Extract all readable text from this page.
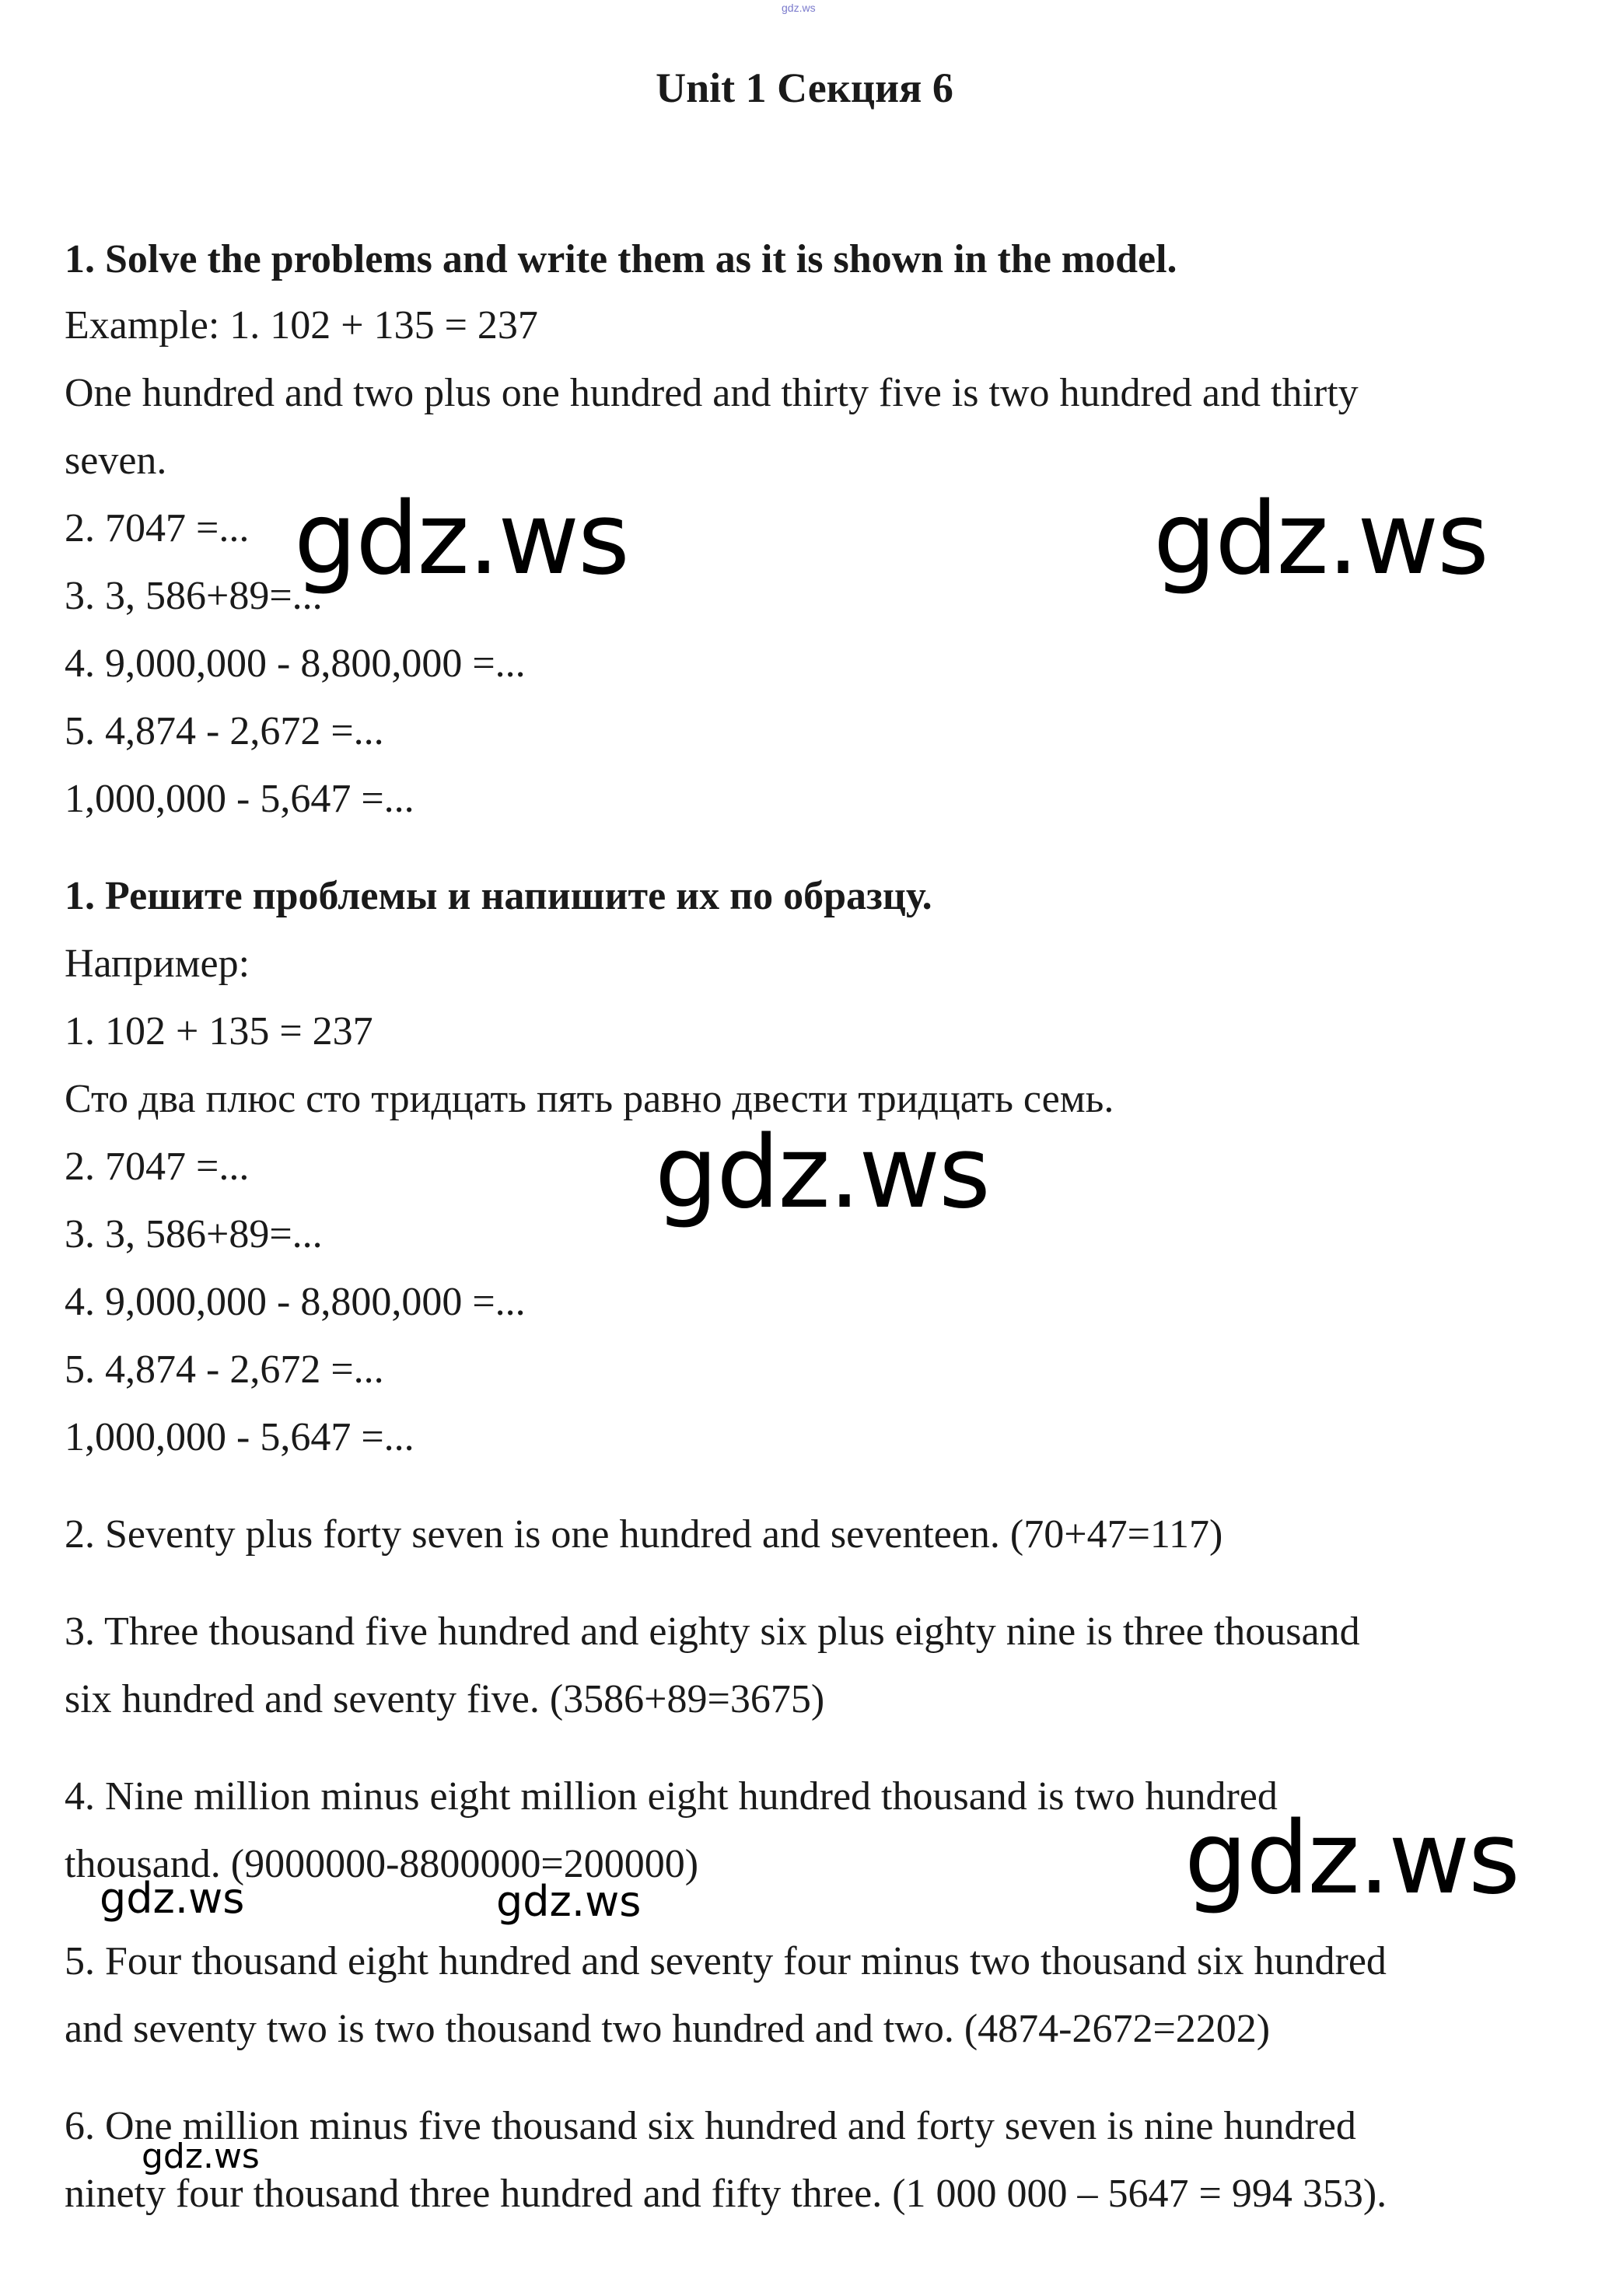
gdz.ws
Unit 1 Секция 6
1. Solve the problems and write them as it is shown in the model.
Example: 1. 102 + 135 = 237
One hundred and two plus one hundred and thirty five is two hundred and thirty
seven.
2. 7047 =...
3. 3, 586+89=...
4. 9,000,000 - 8,800,000 =...
5. 4,874 - 2,672 =...
1,000,000 - 5,647 =...
1. Решите проблемы и напишите их по образцу.
Например:
1. 102 + 135 = 237
Сто два плюс сто тридцать пять равно двести тридцать семь.
2. 7047 =...
3. 3, 586+89=...
4. 9,000,000 - 8,800,000 =...
5. 4,874 - 2,672 =...
1,000,000 - 5,647 =...
2. Seventy plus forty seven is one hundred and seventeen. (70+47=117)
3. Three thousand five hundred and eighty six plus eighty nine is three thousand
six hundred and seventy five. (3586+89=3675)
4. Nine million minus eight million eight hundred thousand is two hundred
thousand. (9000000-8800000=200000)
5. Four thousand eight hundred and seventy four minus two thousand six hundred
and seventy two is two thousand two hundred and two. (4874-2672=2202)
6. One million minus five thousand six hundred and forty seven is nine hundred
ninety four thousand three hundred and fifty three. (1 000 000 – 5647 = 994 353).
gdz.ws	gdz.ws
gdz.ws
gdz.ws
gdz.ws	gdz.ws
gdz.ws
